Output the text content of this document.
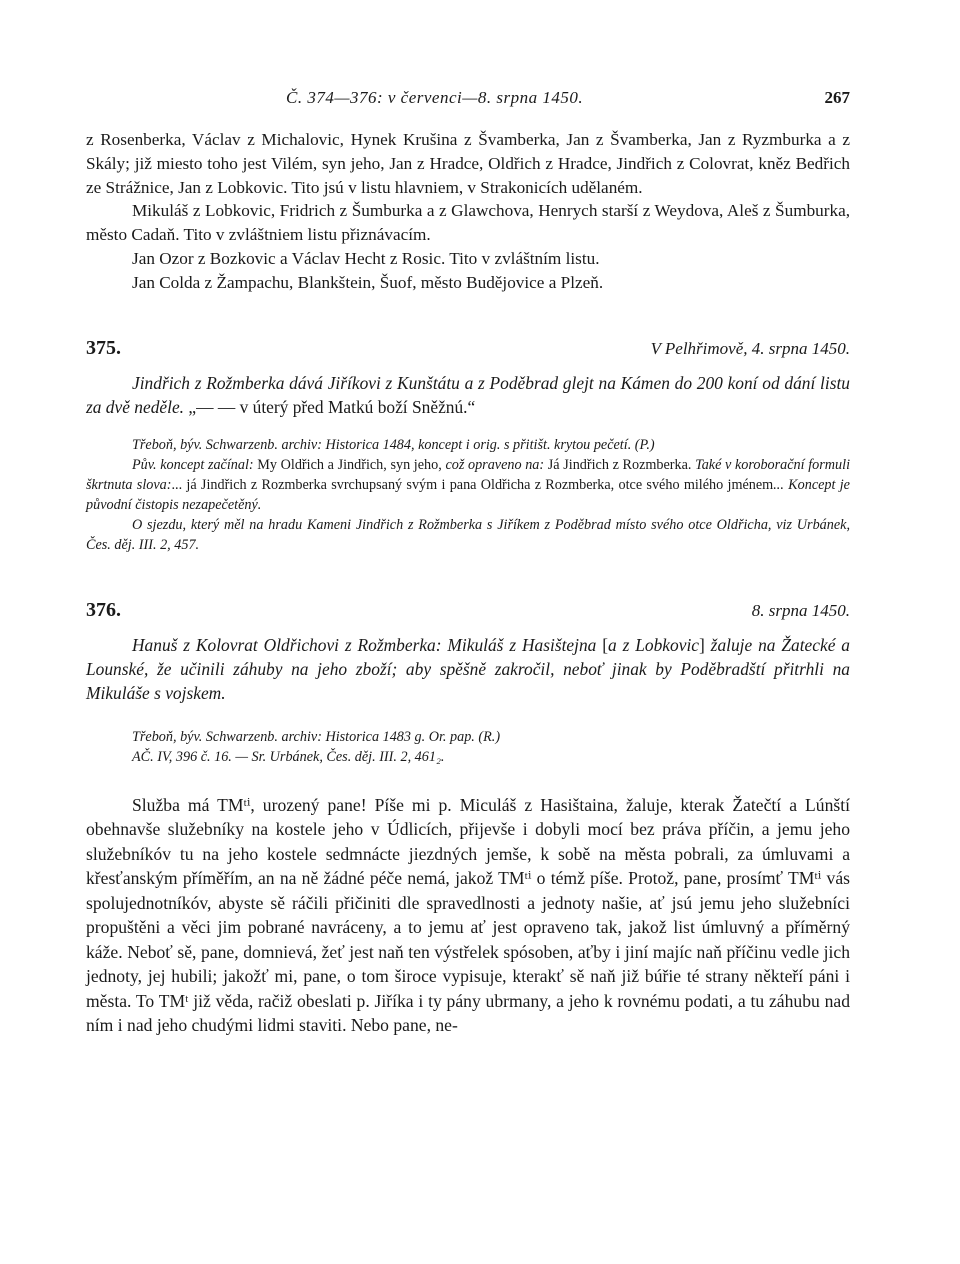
Č. 374—376: v červenci—8. srpna 1450.	267

z Rosenberka, Václav z Michalovic, Hynek Krušina z Švamberka, Jan z Švamberka, Jan z Ryzmburka a z Skály; již miesto toho jest Vilém, syn jeho, Jan z Hradce, Oldřich z Hradce, Jindřich z Colovrat, kněz Bedřich ze Strážnice, Jan z Lobkovic. Tito jsú v listu hlavniem, v Strakonicích udělaném.

Mikuláš z Lobkovic, Fridrich z Šumburka a z Glawchova, Henrych starší z Weydova, Aleš z Šumburka, město Cadaň. Tito v zvláštniem listu přiznávacím.

Jan Ozor z Bozkovic a Václav Hecht z Rosic. Tito v zvláštním listu.

Jan Colda z Žampachu, Blankštein, Šuof, město Budějovice a Plzeň.

375.	V Pelhřimově, 4. srpna 1450.

Jindřich z Rožmberka dává Jiříkovi z Kunštátu a z Poděbrad glejt na Kámen do 200 koní od dání listu za dvě neděle. „— — v úterý před Matkú boží Sněžnú.“

Třeboň, býv. Schwarzenb. archiv: Historica 1484, koncept i orig. s přitišt. krytou pečetí. (P.)

Pův. koncept začínal: My Oldřich a Jindřich, syn jeho, což opraveno na: Já Jindřich z Rozmberka. Také v koroborační formuli škrtnuta slova:... já Jindřich z Rozmberka svrchupsaný svým i pana Oldřicha z Rozmberka, otce svého milého jménem... Koncept je původní čistopis nezapečetěný.

O sjezdu, který měl na hradu Kameni Jindřich z Rožmberka s Jiříkem z Poděbrad místo svého otce Oldřicha, viz Urbánek, Čes. děj. III. 2, 457.

376.	8. srpna 1450.

Hanuš z Kolovrat Oldřichovi z Rožmberka: Mikuláš z Hasištejna [a z Lobkovic] žaluje na Žatecké a Lounské, že učinili záhuby na jeho zboží; aby spěšně zakročil, neboť jinak by Poděbradští přitrhli na Mikuláše s vojskem.

Třeboň, býv. Schwarzenb. archiv: Historica 1483 g. Or. pap. (R.)

AČ. IV, 396 č. 16. — Sr. Urbánek, Čes. děj. III. 2, 461₂.

Služba má TMᵗⁱ, urozený pane! Píše mi p. Miculáš z Hasištaina, žaluje, kterak Žatečtí a Lúnští obehnavše služebníky na kostele jeho v Údlicích, přijevše i dobyli mocí bez práva příčin, a jemu jeho služebníkóv tu na jeho kostele sedmnácte jiezdných jemše, k sobě na města pobrali, za úmluvami a křesťanským příměřím, an na ně žádné péče nemá, jakož TMᵗⁱ o témž píše. Protož, pane, prosímť TMᵗⁱ vás spolujednotníkóv, abyste sě ráčili přičiniti dle spravedlnosti a jednoty našie, ať jsú jemu jeho služebníci propuštěni a věci jim pobrané navráceny, a to jemu ať jest opraveno tak, jakož list úmluvný a příměrný káže. Neboť sě, pane, domnievá, žeť jest naň ten výstřelek spósoben, aťby i jiní majíc naň příčinu vedle jich jednoty, jej hubili; jakožť mi, pane, o tom široce vypisuje, kterakť sě naň již búřie té strany někteří páni i města. To TMᵗ již věda, račiž obeslati p. Jiříka i ty pány ubrmany, a jeho k rovnému podati, a tu záhubu nad ním i nad jeho chudými lidmi staviti. Nebo pane, ne-
